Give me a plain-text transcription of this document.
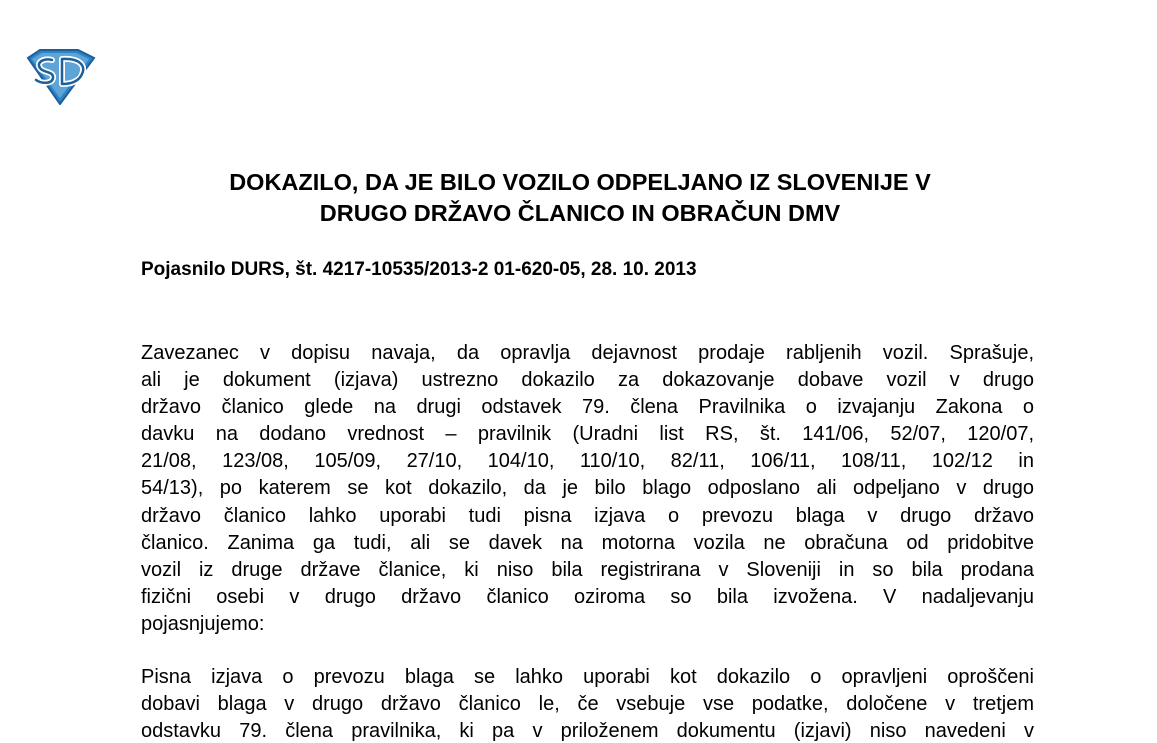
DOKAZILO, DA JE BILO VOZILO ODPELJANO IZ SLOVENIJE V
DRUGO DRŽAVO ČLANICO IN OBRAČUN DMV

Pojasnilo DURS, št. 4217-10535/2013-2 01-620-05, 28. 10. 2013

Zavezanec v dopisu navaja, da opravlja dejavnost prodaje rabljenih vozil. Sprašuje,
ali je dokument (izjava) ustrezno dokazilo za dokazovanje dobave vozil v drugo
državo članico glede na drugi odstavek 79. člena Pravilnika o izvajanju Zakona o
davku na dodano vrednost – pravilnik (Uradni list RS, št. 141/06, 52/07, 120/07,
21/08, 123/08, 105/09, 27/10, 104/10, 110/10, 82/11, 106/11, 108/11, 102/12 in
54/13), po katerem se kot dokazilo, da je bilo blago odposlano ali odpeljano v drugo
državo članico lahko uporabi tudi pisna izjava o prevozu blaga v drugo državo
članico. Zanima ga tudi, ali se davek na motorna vozila ne obračuna od pridobitve
vozil iz druge države članice, ki niso bila registrirana v Sloveniji in so bila prodana
fizični osebi v drugo državo članico oziroma so bila izvožena. V nadaljevanju
pojasnjujemo:
Pisna izjava o prevozu blaga se lahko uporabi kot dokazilo o opravljeni oproščeni
dobavi blaga v drugo državo članico le, če vsebuje vse podatke, določene v tretjem
odstavku 79. člena pravilnika, ki pa v priloženem dokumentu (izjavi) niso navedeni v
